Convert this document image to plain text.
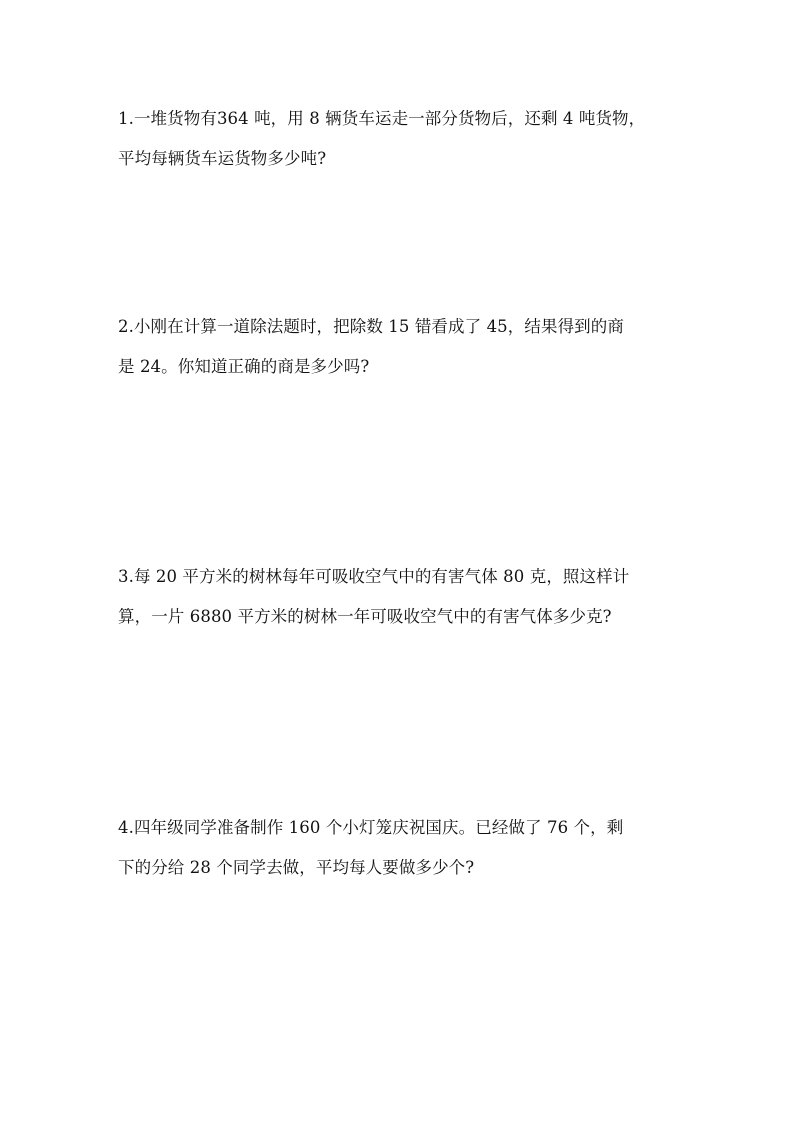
1.一堆货物有364 吨，用 8 辆货车运走一部分货物后，还剩 4 吨货物，
平均每辆货车运货物多少吨?
2.小刚在计算一道除法题时，把除数 15 错看成了 45，结果得到的商
是 24。你知道正确的商是多少吗?
3.每 20 平方米的树林每年可吸收空气中的有害气体 80 克，照这样计
算，一片 6880 平方米的树林一年可吸收空气中的有害气体多少克?
4.四年级同学准备制作 160 个小灯笼庆祝国庆。已经做了 76 个，剩
下的分给 28 个同学去做，平均每人要做多少个?
